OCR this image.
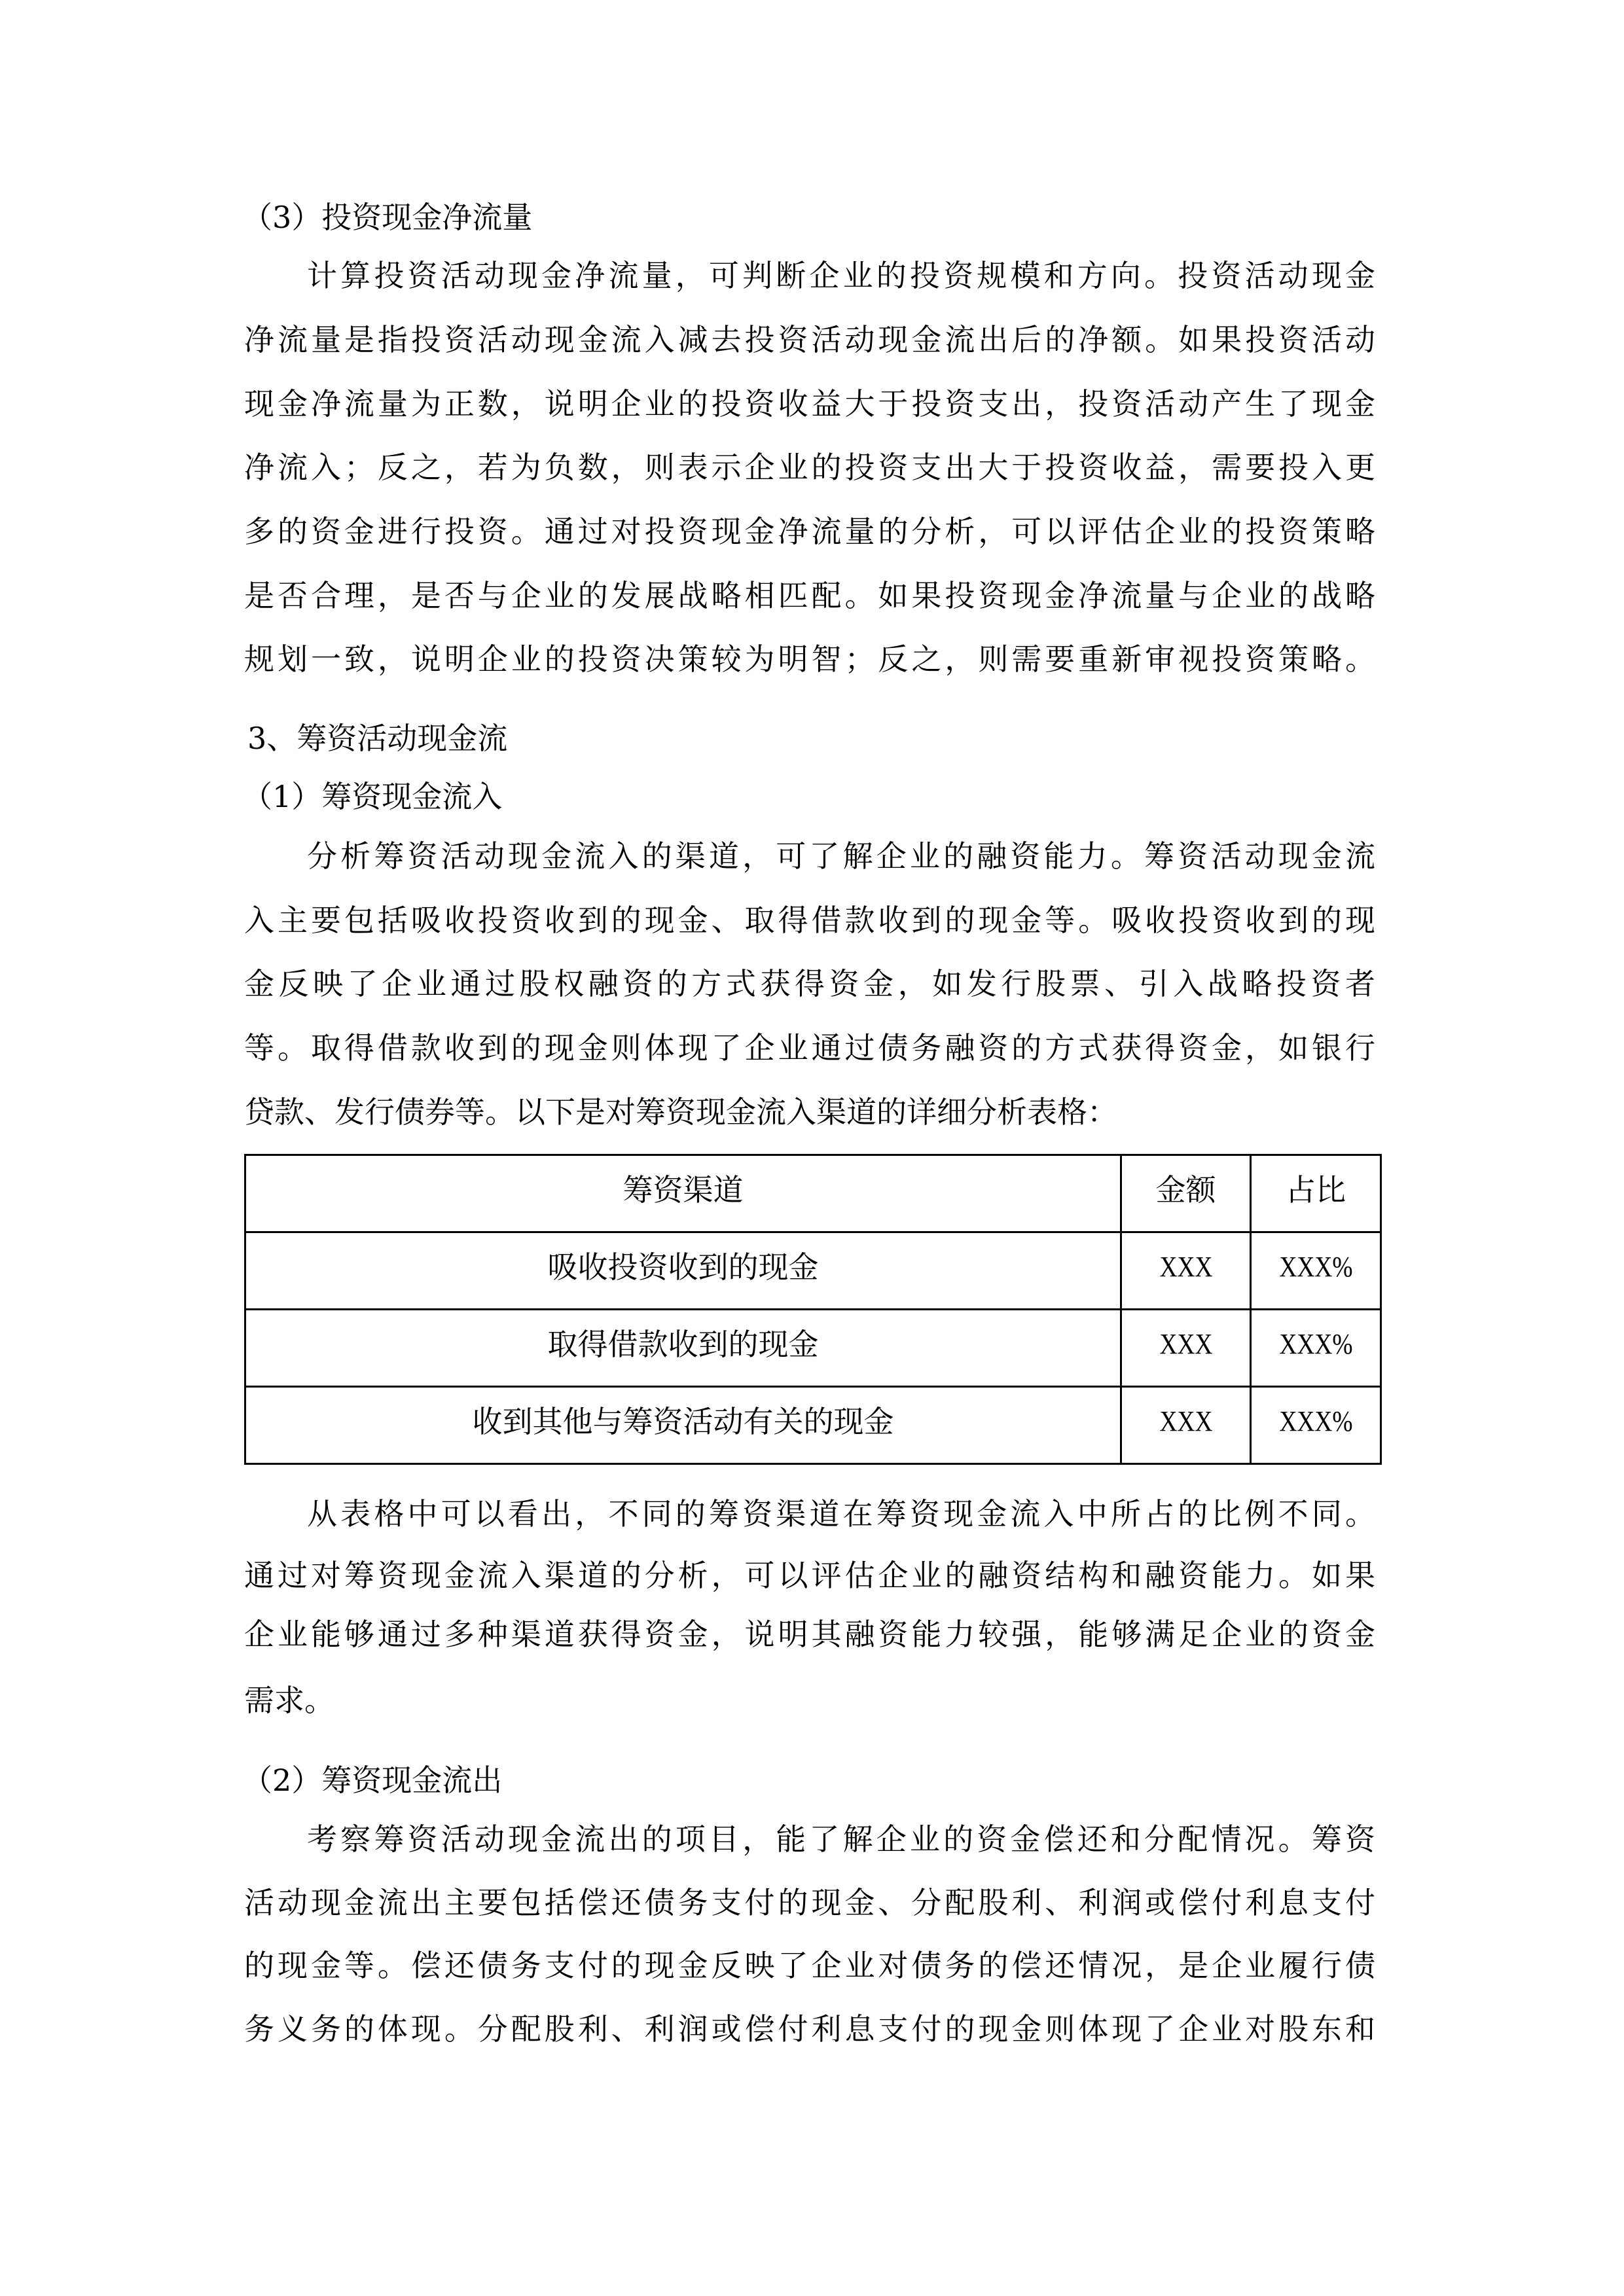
（3）投资现金净流量
计算投资活动现金净流量，可判断企业的投资规模和方向。投资活动现金
净流量是指投资活动现金流入减去投资活动现金流出后的净额。如果投资活动
现金净流量为正数，说明企业的投资收益大于投资支出，投资活动产生了现金
净流入；反之，若为负数，则表示企业的投资支出大于投资收益，需要投入更
多的资金进行投资。通过对投资现金净流量的分析，可以评估企业的投资策略
是否合理，是否与企业的发展战略相匹配。如果投资现金净流量与企业的战略
规划一致，说明企业的投资决策较为明智；反之，则需要重新审视投资策略。
3、筹资活动现金流
（1）筹资现金流入
分析筹资活动现金流入的渠道，可了解企业的融资能力。筹资活动现金流
入主要包括吸收投资收到的现金、取得借款收到的现金等。吸收投资收到的现
金反映了企业通过股权融资的方式获得资金，如发行股票、引入战略投资者
等。取得借款收到的现金则体现了企业通过债务融资的方式获得资金，如银行
贷款、发行债券等。以下是对筹资现金流入渠道的详细分析表格：
筹资渠道	金额	占比
吸收投资收到的现金	XXX	XXX%
取得借款收到的现金	XXX	XXX%
收到其他与筹资活动有关的现金	XXX	XXX%
从表格中可以看出，不同的筹资渠道在筹资现金流入中所占的比例不同。
通过对筹资现金流入渠道的分析，可以评估企业的融资结构和融资能力。如果
企业能够通过多种渠道获得资金，说明其融资能力较强，能够满足企业的资金
需求。
（2）筹资现金流出
考察筹资活动现金流出的项目，能了解企业的资金偿还和分配情况。筹资
活动现金流出主要包括偿还债务支付的现金、分配股利、利润或偿付利息支付
的现金等。偿还债务支付的现金反映了企业对债务的偿还情况，是企业履行债
务义务的体现。分配股利、利润或偿付利息支付的现金则体现了企业对股东和
